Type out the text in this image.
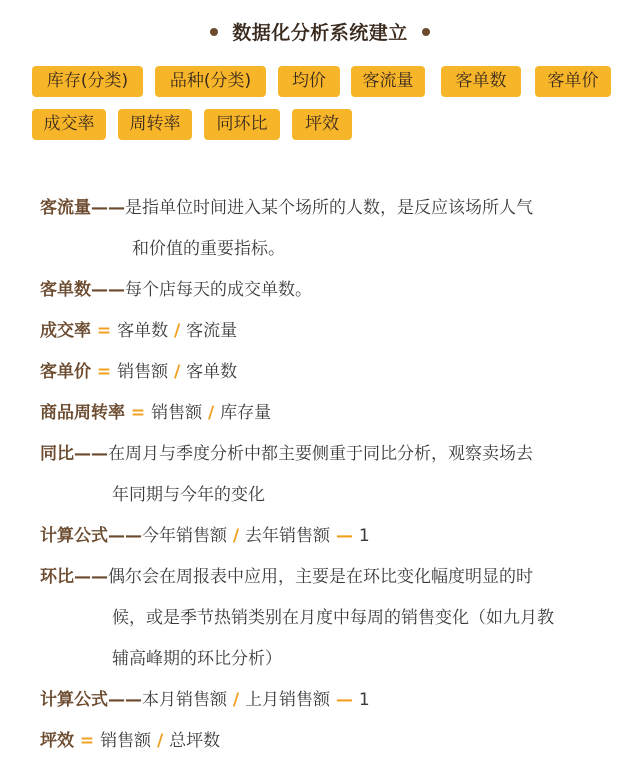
数据化分析系统建立
库存(分类)	品种(分类)	均价	客流量	客单数	客单价
成交率	周转率	同环比	坪效
客流量——是指单位时间进入某个场所的人数，是反应该场所人气
和价值的重要指标。
客单数——每个店每天的成交单数。
成交率 = 客单数 / 客流量
客单价 = 销售额 / 客单数
商品周转率 = 销售额 / 库存量
同比——在周月与季度分析中都主要侧重于同比分析，观察卖场去
年同期与今年的变化
计算公式——今年销售额 / 去年销售额 — 1
环比——偶尔会在周报表中应用，主要是在环比变化幅度明显的时
候，或是季节热销类别在月度中每周的销售变化（如九月教
辅高峰期的环比分析）
计算公式——本月销售额 / 上月销售额 — 1
坪效 = 销售额 / 总坪数
